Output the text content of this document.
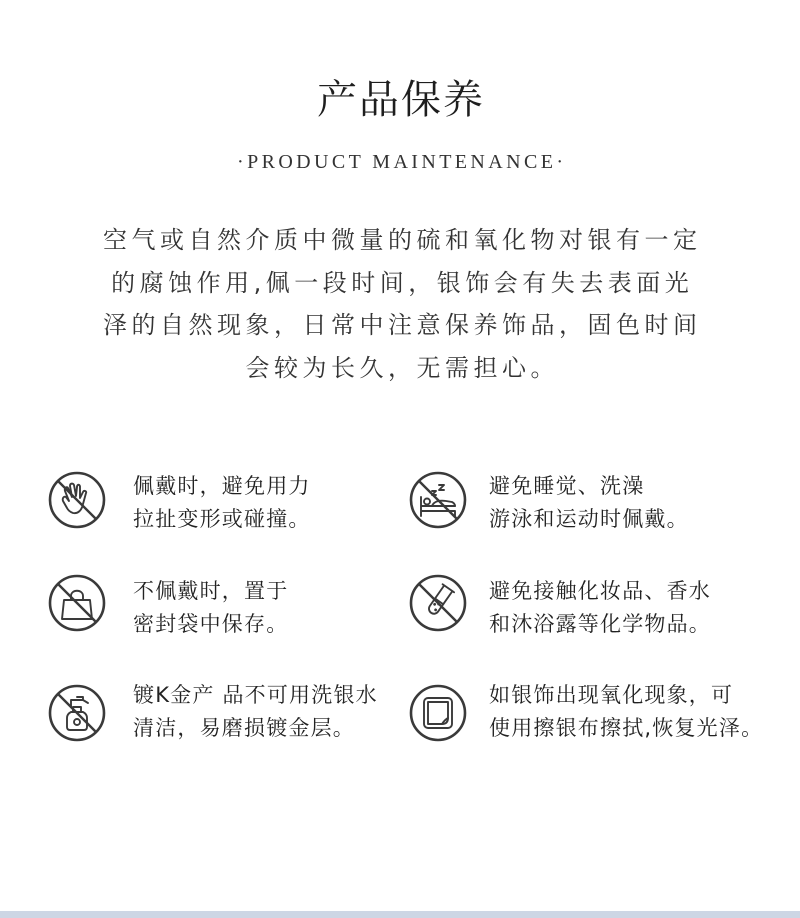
产品保养
·PRODUCT MAINTENANCE·
空气或自然介质中微量的硫和氧化物对银有一定
的腐蚀作用,佩一段时间，银饰会有失去表面光
泽的自然现象，日常中注意保养饰品，固色时间
会较为长久，无需担心。
佩戴时，避免用力
拉扯变形或碰撞。
避免睡觉、洗澡
游泳和运动时佩戴。
不佩戴时，置于
密封袋中保存。
避免接触化妆品、香水
和沐浴露等化学物品。
镀K金产 品不可用洗银水
清洁，易磨损镀金层。
如银饰出现氧化现象，可
使用擦银布擦拭,恢复光泽。
